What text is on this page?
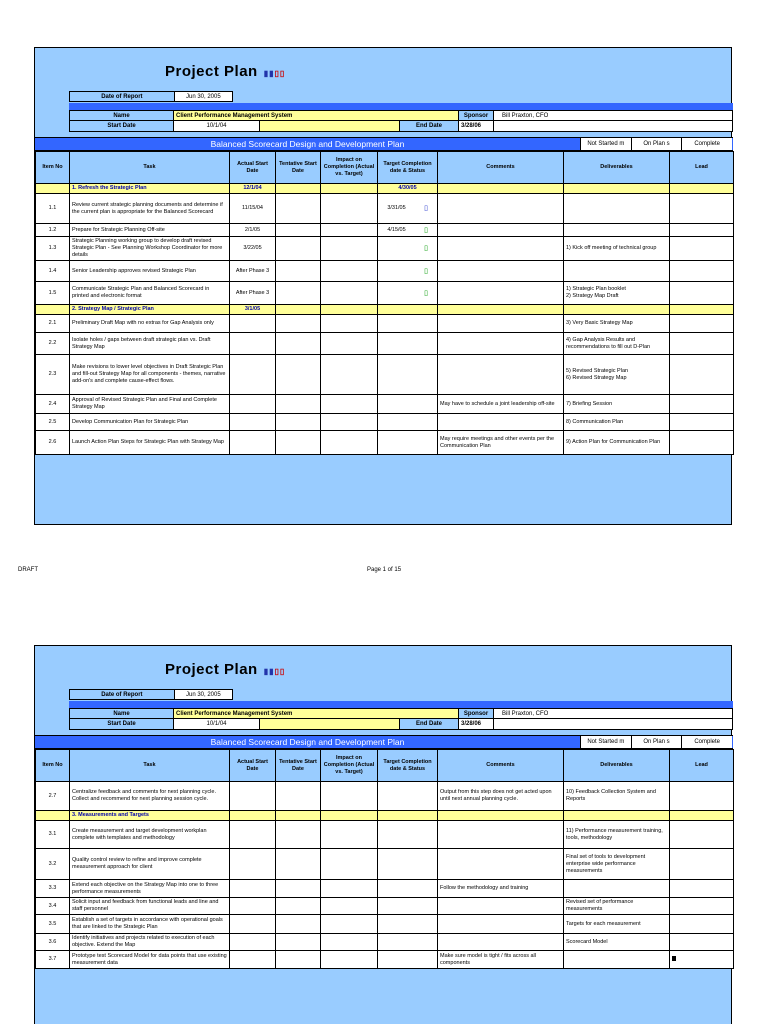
Project Plan ▮▮▯▯
Date of Report	Jun 30, 2005
Name	Client Performance Management System	Sponsor	Bill Praxton, CFO
Start Date	10/1/04	End Date	3/28/06
Balanced Scorecard Design and Development Plan	Not Started m	On Plan s	Complete
Item No	Task	Actual Start Date	Tentative Start Date	Impact on Completion (Actual vs. Target)	Target Completion date & Status	Comments	Deliverables	Lead
	1. Refresh the Strategic Plan	12/1/04			4/30/05			

1.1	Review current strategic planning documents and determine if the current plan is appropriate for the Balanced Scorecard	11/15/04			3/31/05 ▯			

1.2	Prepare for Strategic Planning Off-site	2/1/05			4/15/05 ▯			

1.3	Strategic Planning working group to develop draft revised Strategic Plan - See Planning Workshop Coordinator for more details	3/22/05			▯		1) Kick off meeting of technical group	
1.4	Senior Leadership approves revised Strategic Plan	After Phase 3			▯			

1.5	Communicate Strategic Plan and Balanced Scorecard in printed and electronic format	After Phase 3			▯		1) Strategic Plan booklet
2) Strategy Map Draft	
	2. Strategy Map / Strategic Plan	3/1/05			

2.1	Preliminary Draft Map with no extras for Gap Analysis only						3) Very Basic Strategy Map	
2.2	Isolate holes / gaps between draft strategic plan vs. Draft Strategy Map						4) Gap Analysis Results and recommendations to fill out D-Plan	
2.3	Make revisions to lower level objectives in Draft Strategic Plan and fill-out Strategy Map for all components - themes, narrative add-on's and complete cause-effect flows.						5) Revised Strategic Plan
6) Revised Strategy Map	
2.4	Approval of Revised Strategic Plan and Final and Complete Strategy Map					May have to schedule a joint leadership off-site	7) Briefing Session	
2.5	Develop Communication Plan for Strategic Plan						8) Communication Plan	
2.6	Launch Action Plan Steps for Strategic Plan with Strategy Map					May require meetings and other events per the Communication Plan	9) Action Plan for Communication Plan	
Project Plan ▮▮▯▯
Date of Report	Jun 30, 2005
Name	Client Performance Management System	Sponsor	Bill Praxton, CFO
Start Date	10/1/04	End Date	3/28/06
Balanced Scorecard Design and Development Plan	Not Started m	On Plan s	Complete
Item No	Task	Actual Start Date	Tentative Start Date	Impact on Completion (Actual vs. Target)	Target Completion date & Status	Comments	Deliverables	Lead
2.7	Centralize feedback and comments for next planning cycle. Collect and recommend for next planning session cycle.					Output from this step does not get acted upon until next annual planning cycle.	10) Feedback Collection System and Reports	
	3. Measurements and Targets				

3.1	Create measurement and target development workplan complete with templates and methodology						11) Performance measurement training, tools, methodology	
3.2	Quality control review to refine and improve complete measurement approach for client						Final set of tools to development enterprise wide performance measurements	
3.3	Extend each objective on the Strategy Map into one to three performance measurements					Follow the methodology and training		
3.4	Solicit input and feedback from functional leads and line and staff personnel						Revised set of performance measurements	
3.5	Establish a set of targets in accordance with operational goals that are linked to the Strategic Plan						Targets for each measurement	
3.6	Identify initiatives and projects related to execution of each objective. Extend the Map						Scorecard Model	
3.7	Prototype test Scorecard Model for data points that use existing measurement data					Make sure model is tight / fits across all components		
DRAFT	Page 1 of 15
